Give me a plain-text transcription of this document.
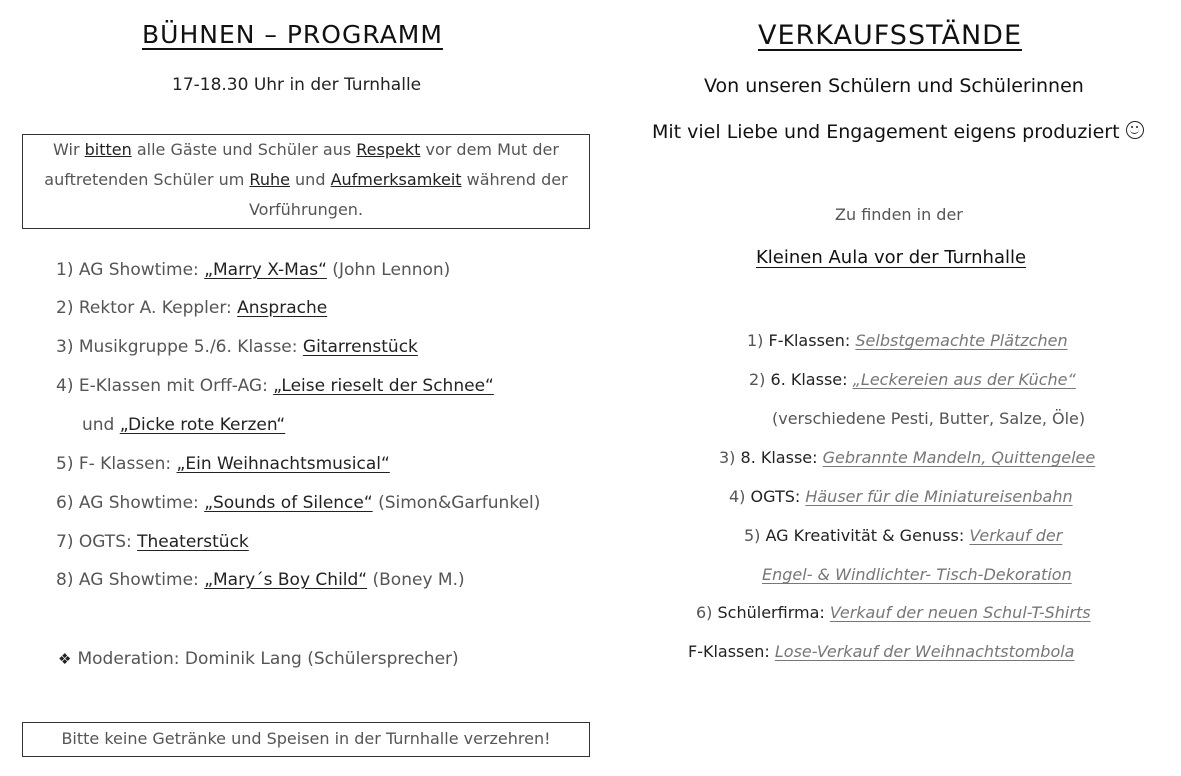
BÜHNEN – PROGRAMM
17-18.30 Uhr in der Turnhalle
Wir bitten alle Gäste und Schüler aus Respekt vor dem Mut der auftretenden Schüler um Ruhe und Aufmerksamkeit während der Vorführungen.
1) AG Showtime: „Marry X-Mas“ (John Lennon)
2) Rektor A. Keppler: Ansprache
3) Musikgruppe 5./6. Klasse: Gitarrenstück
4) E-Klassen mit Orff-AG: „Leise rieselt der Schnee“
und „Dicke rote Kerzen“
5) F- Klassen: „Ein Weihnachtsmusical“
6) AG Showtime: „Sounds of Silence“ (Simon&Garfunkel)
7) OGTS: Theaterstück
8) AG Showtime: „Mary´s Boy Child“ (Boney M.)
❖ Moderation: Dominik Lang (Schülersprecher)
Bitte keine Getränke und Speisen in der Turnhalle verzehren!
VERKAUFSSTÄNDE
Von unseren Schülern und Schülerinnen
Mit viel Liebe und Engagement eigens produziert
Zu finden in der
Kleinen Aula vor der Turnhalle
1) F-Klassen: Selbstgemachte Plätzchen
2) 6. Klasse: „Leckereien aus der Küche“
(verschiedene Pesti, Butter, Salze, Öle)
3) 8. Klasse: Gebrannte Mandeln, Quittengelee
4) OGTS: Häuser für die Miniatureisenbahn
5) AG Kreativität & Genuss: Verkauf der
Engel- & Windlichter- Tisch-Dekoration
6) Schülerfirma: Verkauf der neuen Schul-T-Shirts
F-Klassen: Lose-Verkauf der Weihnachtstombola
